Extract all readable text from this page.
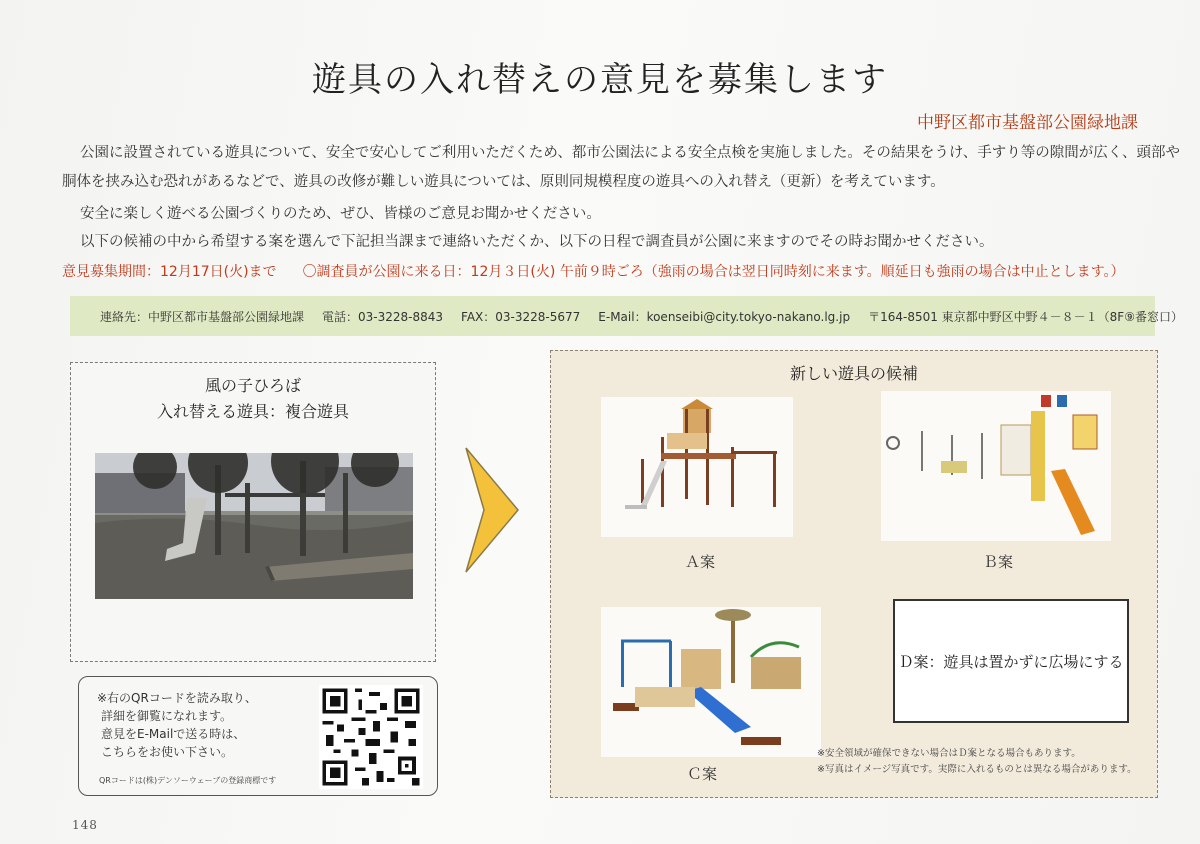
遊具の入れ替えの意見を募集します
中野区都市基盤部公園緑地課
公園に設置されている遊具について、安全で安心してご利用いただくため、都市公園法による安全点検を実施しました。その結果をうけ、手すり等の隙間が広く、頭部や
胴体を挟み込む恐れがあるなどで、遊具の改修が難しい遊具については、原則同規模程度の遊具への入れ替え（更新）を考えています。
安全に楽しく遊べる公園づくりのため、ぜひ、皆様のご意見お聞かせください。
以下の候補の中から希望する案を選んで下記担当課まで連絡いただくか、以下の日程で調査員が公園に来ますのでその時お聞かせください。
意見募集期間：12月17日(火)まで 〇調査員が公園に来る日：12月３日(火) 午前９時ごろ（強雨の場合は翌日同時刻に来ます。順延日も強雨の場合は中止とします。）
連絡先：中野区都市基盤部公園緑地課 電話：03-3228-8843 FAX：03-3228-5677 E-Mail：koenseibi@city.tokyo-nakano.lg.jp 〒164-8501 東京都中野区中野４－８－１（8F⑨番窓口）
風の子ひろば
入れ替える遊具：複合遊具
新しい遊具の候補
Ａ案	Ｂ案
Ｃ案
Ｄ案：遊具は置かずに広場にする
※安全領域が確保できない場合はＤ案となる場合もあります。
※写真はイメージ写真です。実際に入れるものとは異なる場合があります。
※右のQRコードを読み取り、
詳細を御覧になれます。
意見をE-Mailで送る時は、
こちらをお使い下さい。
QRコードは(株)デンソーウェーブの登録商標です
148
